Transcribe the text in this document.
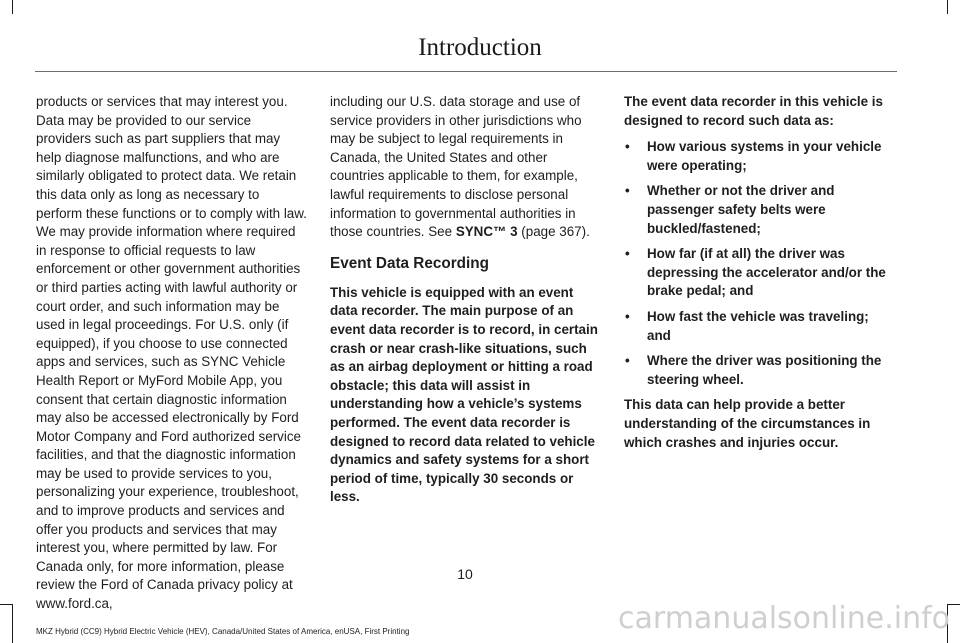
Introduction

products or services that may interest you. Data may be provided to our service providers such as part suppliers that may help diagnose malfunctions, and who are similarly obligated to protect data. We retain this data only as long as necessary to perform these functions or to comply with law. We may provide information where required in response to official requests to law enforcement or other government authorities or third parties acting with lawful authority or court order, and such information may be used in legal proceedings. For U.S. only (if equipped), if you choose to use connected apps and services, such as SYNC Vehicle Health Report or MyFord Mobile App, you consent that certain diagnostic information may also be accessed electronically by Ford Motor Company and Ford authorized service facilities, and that the diagnostic information may be used to provide services to you, personalizing your experience, troubleshoot, and to improve products and services and offer you products and services that may interest you, where permitted by law. For Canada only, for more information, please review the Ford of Canada privacy policy at www.ford.ca,

including our U.S. data storage and use of service providers in other jurisdictions who may be subject to legal requirements in Canada, the United States and other countries applicable to them, for example, lawful requirements to disclose personal information to governmental authorities in those countries. See SYNC™ 3 (page 367).

Event Data Recording

This vehicle is equipped with an event data recorder. The main purpose of an event data recorder is to record, in certain crash or near crash-like situations, such as an airbag deployment or hitting a road obstacle; this data will assist in understanding how a vehicle’s systems performed. The event data recorder is designed to record data related to vehicle dynamics and safety systems for a short period of time, typically 30 seconds or less.

The event data recorder in this vehicle is designed to record such data as:

• How various systems in your vehicle were operating;
• Whether or not the driver and passenger safety belts were buckled/fastened;
• How far (if at all) the driver was depressing the accelerator and/or the brake pedal; and
• How fast the vehicle was traveling; and
• Where the driver was positioning the steering wheel.

This data can help provide a better understanding of the circumstances in which crashes and injuries occur.

10
MKZ Hybrid (CC9) Hybrid Electric Vehicle (HEV), Canada/United States of America, enUSA, First Printing	carmanualsonline.info
